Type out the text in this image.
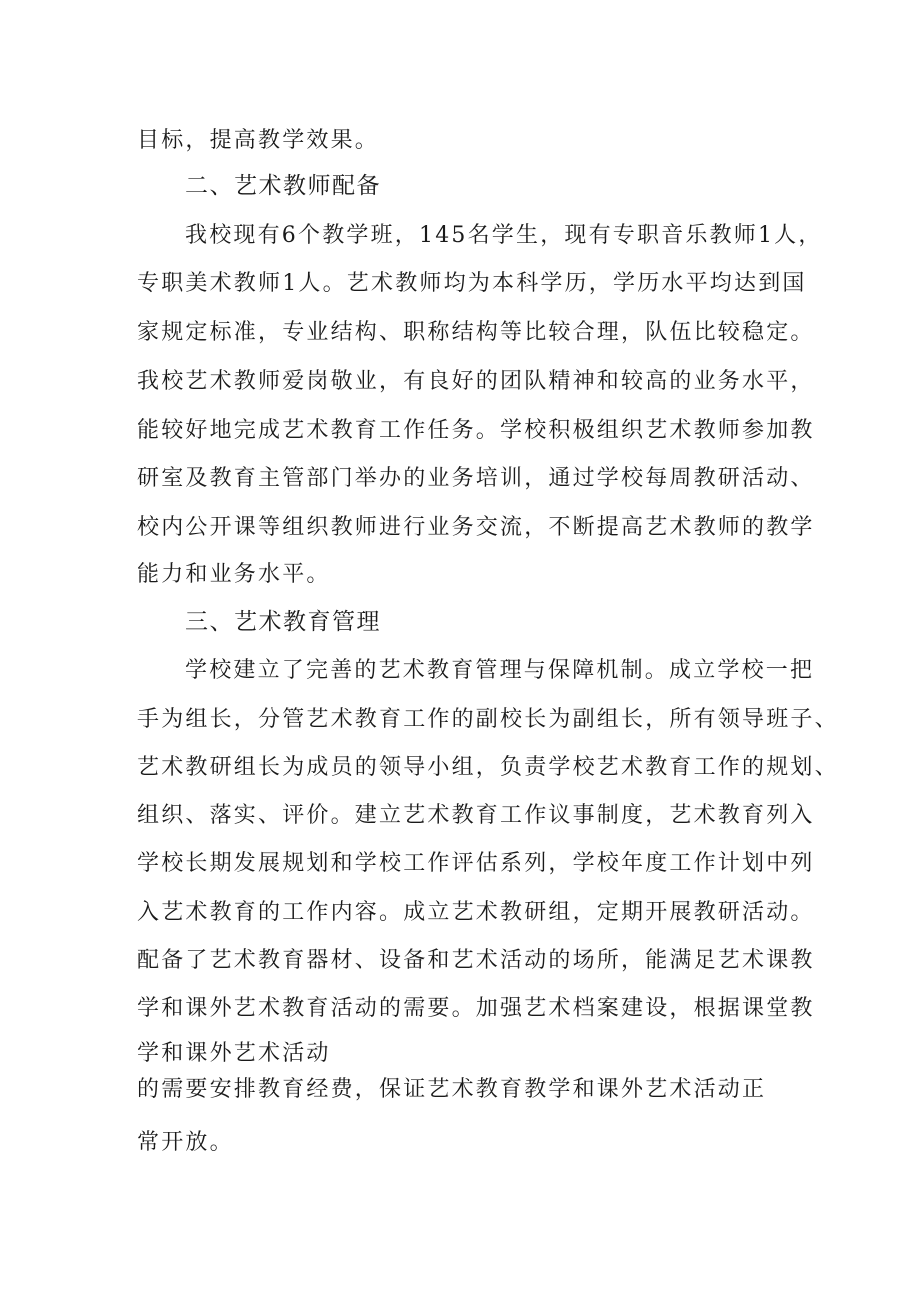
目标，提高教学效果。
二、艺术教师配备
我校现有6个教学班，145名学生，现有专职音乐教师1人，
专职美术教师1人。艺术教师均为本科学历，学历水平均达到国
家规定标准，专业结构、职称结构等比较合理，队伍比较稳定。
我校艺术教师爱岗敬业，有良好的团队精神和较高的业务水平，
能较好地完成艺术教育工作任务。学校积极组织艺术教师参加教
研室及教育主管部门举办的业务培训，通过学校每周教研活动、
校内公开课等组织教师进行业务交流，不断提高艺术教师的教学
能力和业务水平。
三、艺术教育管理
学校建立了完善的艺术教育管理与保障机制。成立学校一把
手为组长，分管艺术教育工作的副校长为副组长，所有领导班子、
艺术教研组长为成员的领导小组，负责学校艺术教育工作的规划、
组织、落实、评价。建立艺术教育工作议事制度，艺术教育列入
学校长期发展规划和学校工作评估系列，学校年度工作计划中列
入艺术教育的工作内容。成立艺术教研组，定期开展教研活动。
配备了艺术教育器材、设备和艺术活动的场所，能满足艺术课教
学和课外艺术教育活动的需要。加强艺术档案建设，根据课堂教
学和课外艺术活动
的需要安排教育经费，保证艺术教育教学和课外艺术活动正
常开放。
